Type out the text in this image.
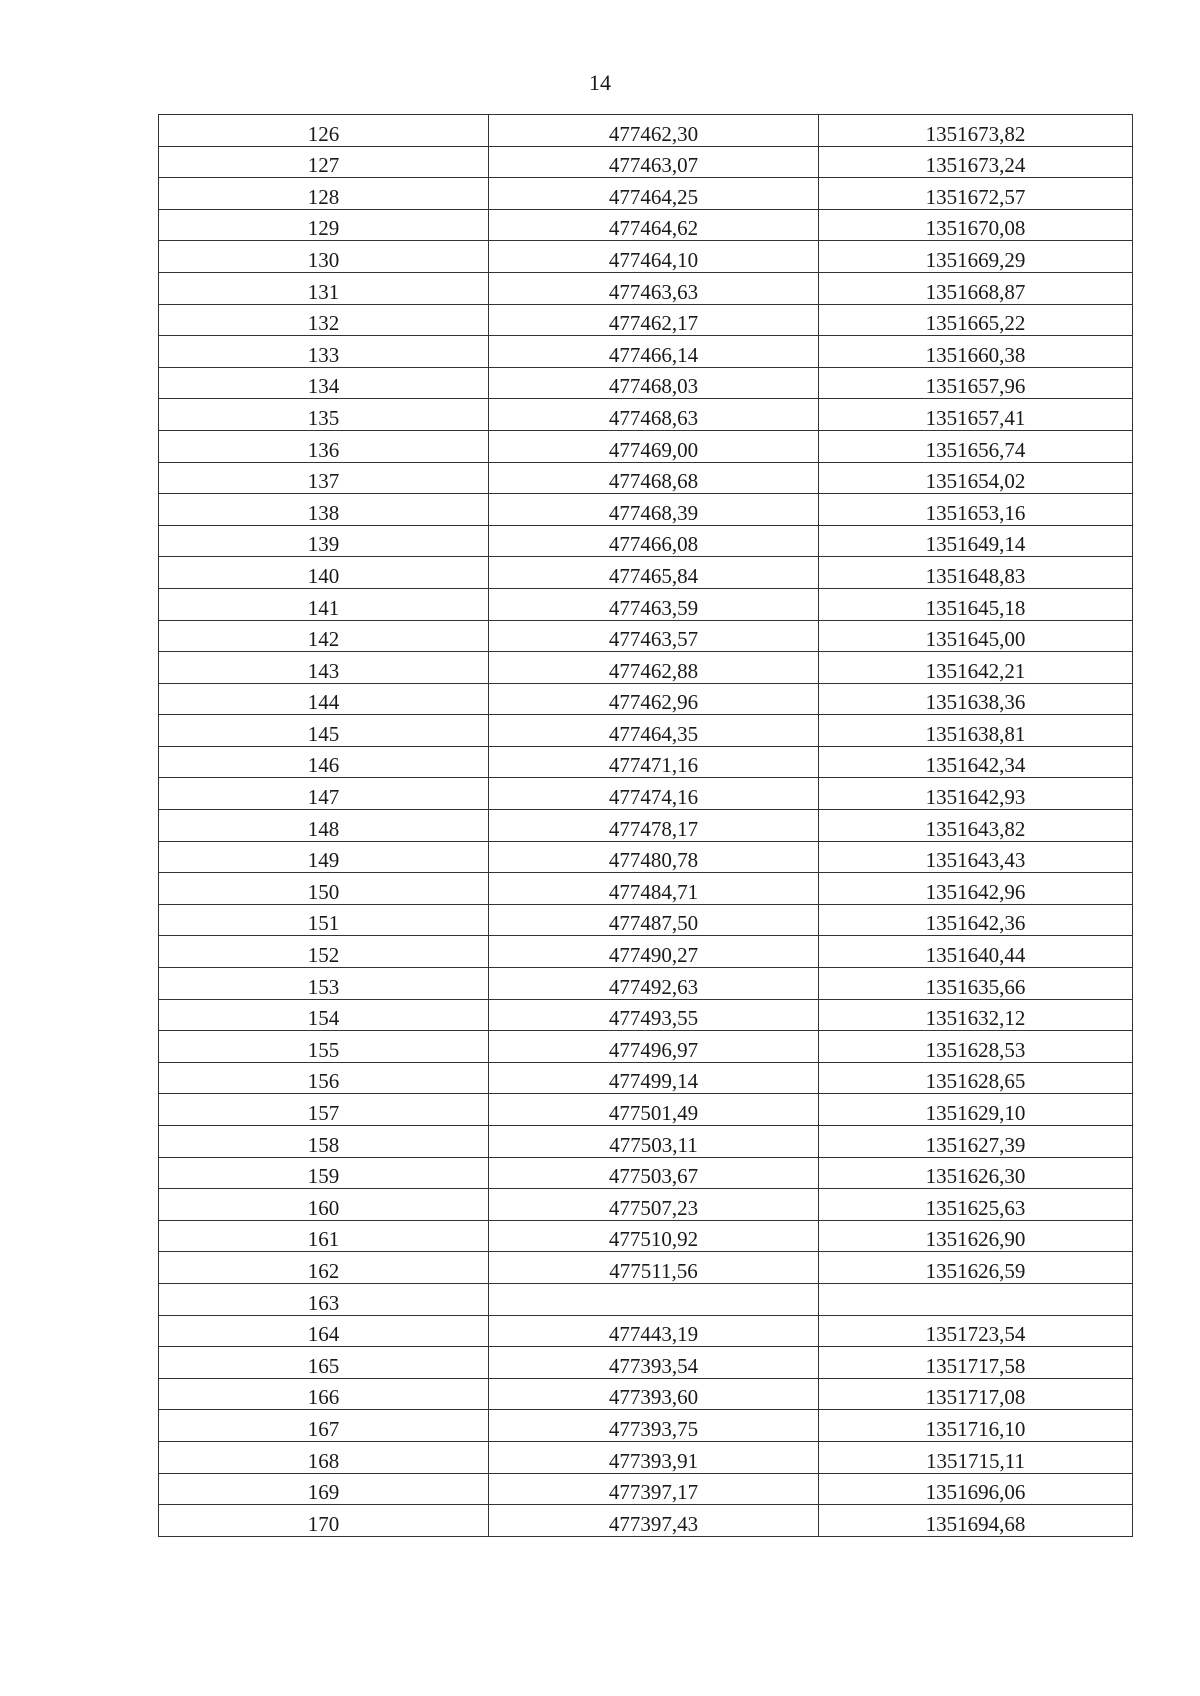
14
126	477462,30	1351673,82
127	477463,07	1351673,24
128	477464,25	1351672,57
129	477464,62	1351670,08
130	477464,10	1351669,29
131	477463,63	1351668,87
132	477462,17	1351665,22
133	477466,14	1351660,38
134	477468,03	1351657,96
135	477468,63	1351657,41
136	477469,00	1351656,74
137	477468,68	1351654,02
138	477468,39	1351653,16
139	477466,08	1351649,14
140	477465,84	1351648,83
141	477463,59	1351645,18
142	477463,57	1351645,00
143	477462,88	1351642,21
144	477462,96	1351638,36
145	477464,35	1351638,81
146	477471,16	1351642,34
147	477474,16	1351642,93
148	477478,17	1351643,82
149	477480,78	1351643,43
150	477484,71	1351642,96
151	477487,50	1351642,36
152	477490,27	1351640,44
153	477492,63	1351635,66
154	477493,55	1351632,12
155	477496,97	1351628,53
156	477499,14	1351628,65
157	477501,49	1351629,10
158	477503,11	1351627,39
159	477503,67	1351626,30
160	477507,23	1351625,63
161	477510,92	1351626,90
162	477511,56	1351626,59
163		
164	477443,19	1351723,54
165	477393,54	1351717,58
166	477393,60	1351717,08
167	477393,75	1351716,10
168	477393,91	1351715,11
169	477397,17	1351696,06
170	477397,43	1351694,68
